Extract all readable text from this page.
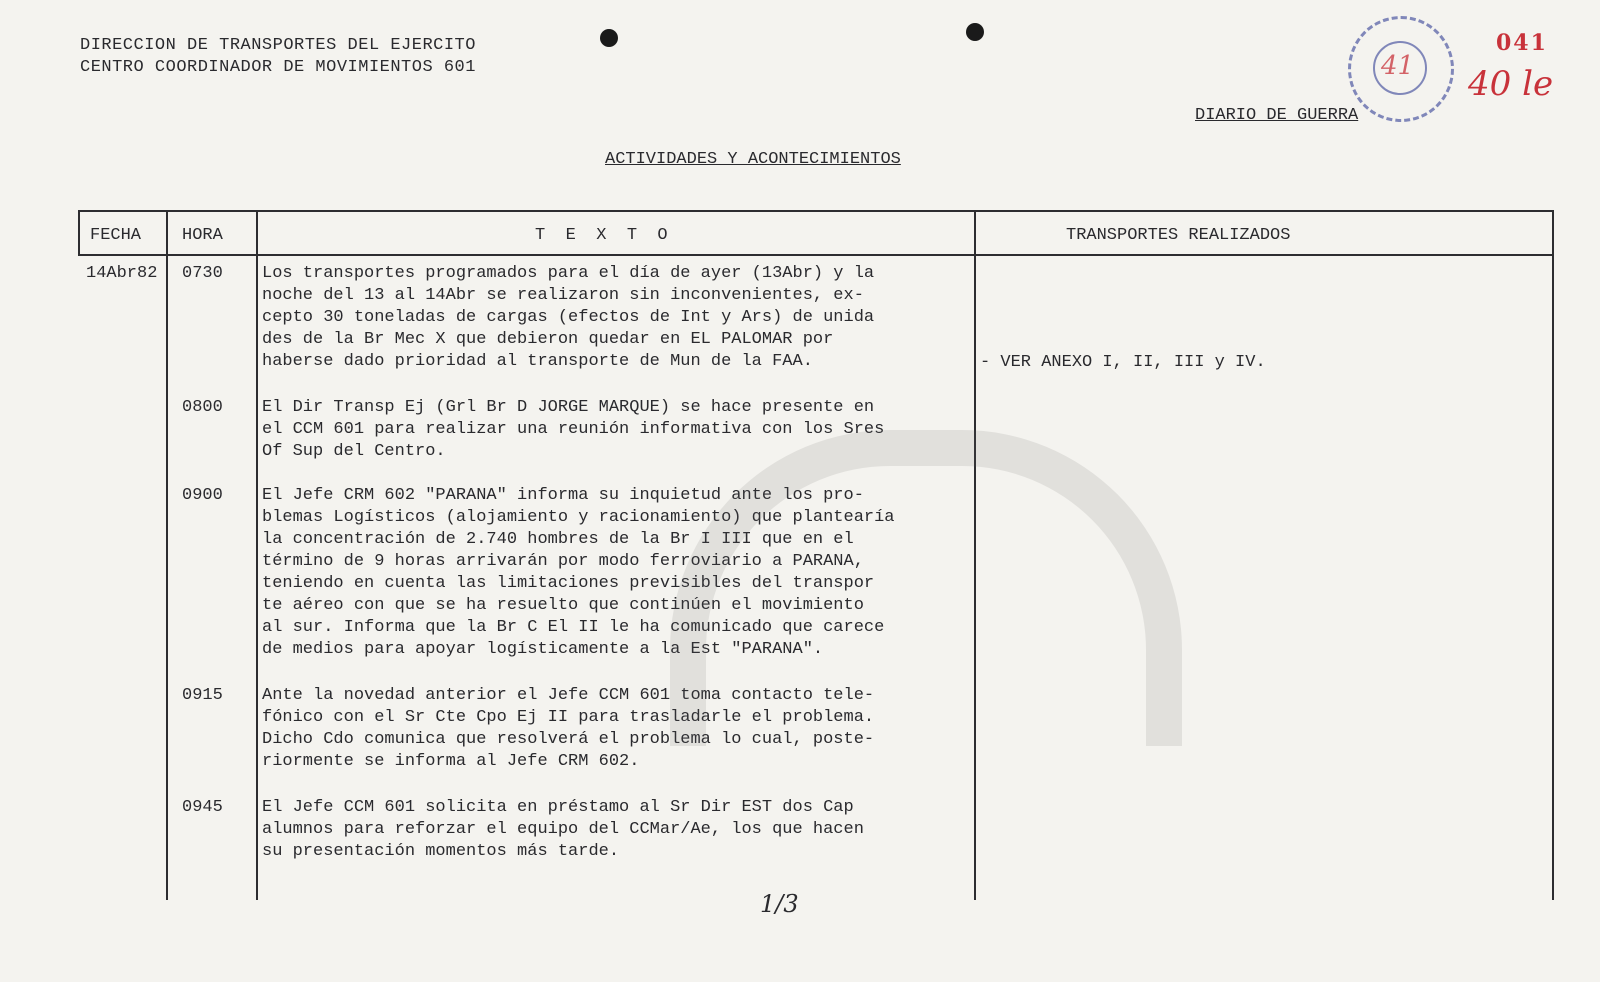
DIRECCION DE TRANSPORTES DEL EJERCITO
CENTRO COORDINADOR DE MOVIMIENTOS 601	41
041
40 le
DIARIO DE GUERRA
ACTIVIDADES Y ACONTECIMIENTOS
FECHA HORA	T  E  X  T  O	TRANSPORTES REALIZADOS
14Abr82 0730 Los transportes programados para el día de ayer (13Abr) y la
noche del 13 al 14Abr se realizaron sin inconvenientes, ex-
cepto 30 toneladas de cargas (efectos de Int y Ars) de unida
des de la Br Mec X que debieron quedar en EL PALOMAR por
haberse dado prioridad al transporte de Mun de la FAA.	- VER ANEXO I, II, III y IV.
0800 El Dir Transp Ej (Grl Br D JORGE MARQUE) se hace presente en
el CCM 601 para realizar una reunión informativa con los Sres
Of Sup del Centro.
0900 El Jefe CRM 602 "PARANA" informa su inquietud ante los pro-
blemas Logísticos (alojamiento y racionamiento) que plantearía
la concentración de 2.740 hombres de la Br I III que en el
término de 9 horas arrivarán por modo ferroviario a PARANA,
teniendo en cuenta las limitaciones previsibles del transpor
te aéreo con que se ha resuelto que continúen el movimiento
al sur. Informa que la Br C El II le ha comunicado que carece
de medios para apoyar logísticamente a la Est "PARANA".
0915 Ante la novedad anterior el Jefe CCM 601 toma contacto tele-
fónico con el Sr Cte Cpo Ej II para trasladarle el problema.
Dicho Cdo comunica que resolverá el problema lo cual, poste-
riormente se informa al Jefe CRM 602.
0945 El Jefe CCM 601 solicita en préstamo al Sr Dir EST dos Cap
alumnos para reforzar el equipo del CCMar/Ae, los que hacen
su presentación momentos más tarde.
1/3
